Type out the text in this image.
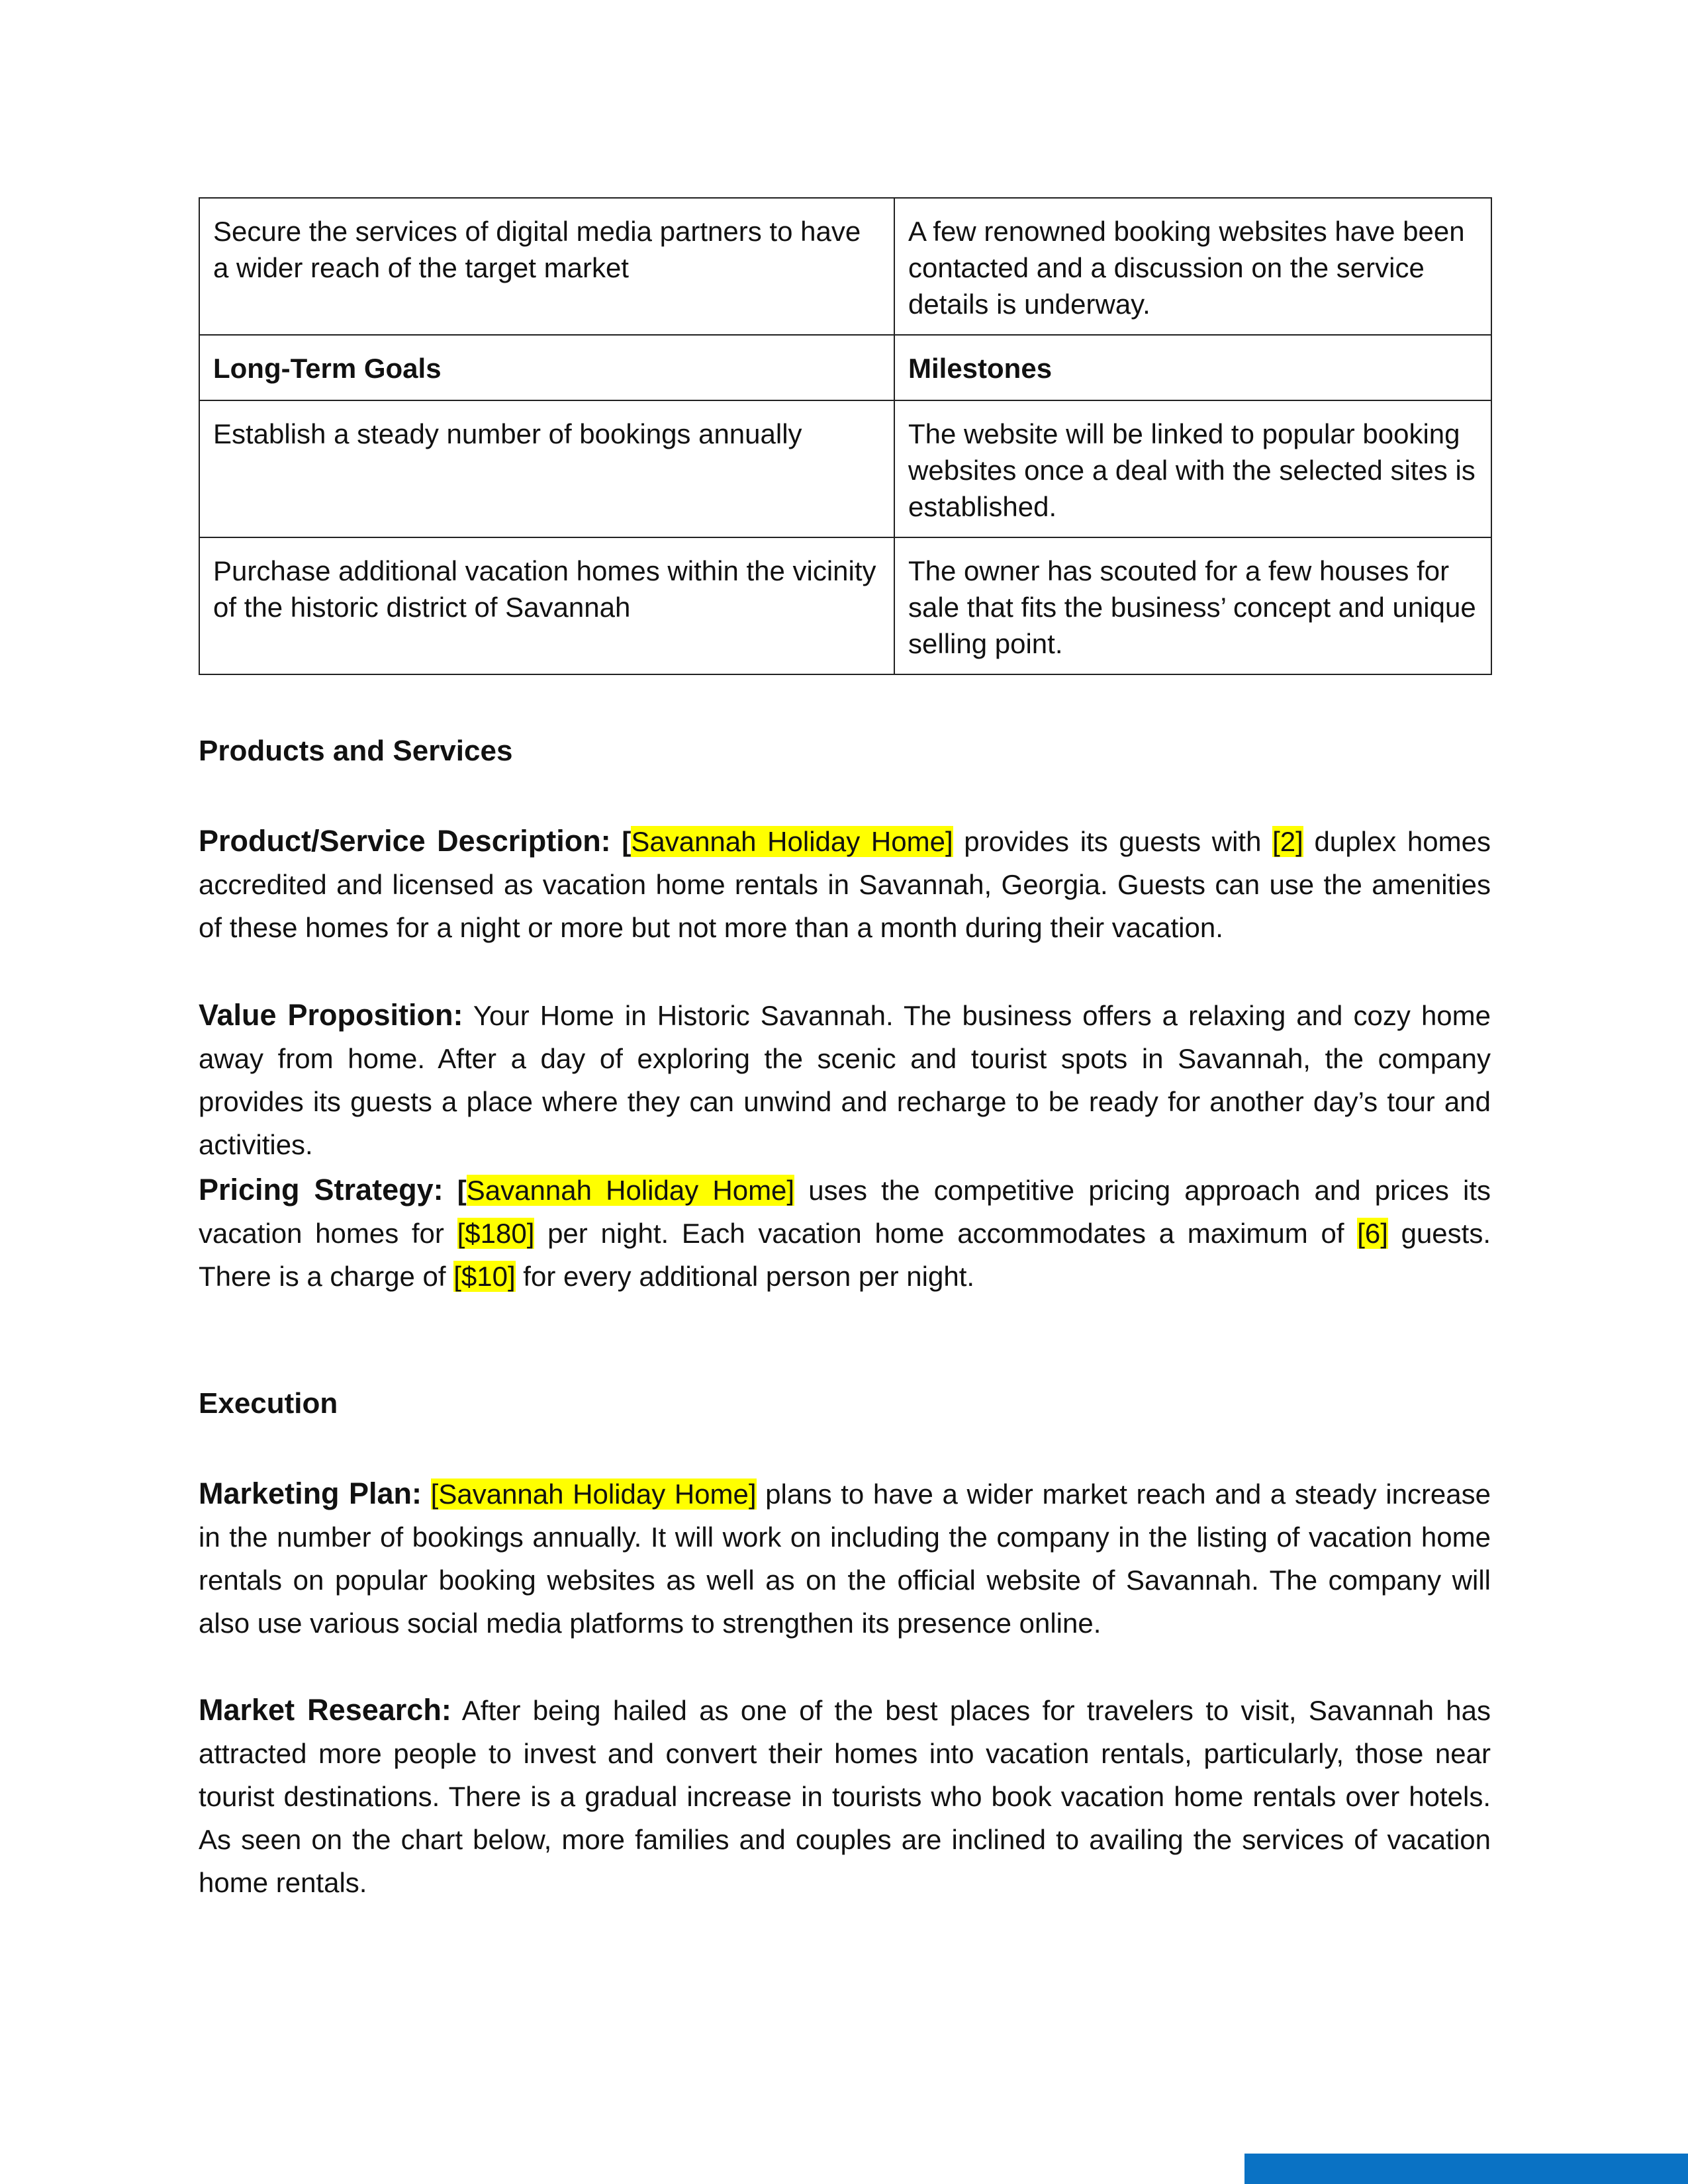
Secure the services of digital media partners to have a wider reach of the target market	A few renowned booking websites have been contacted and a discussion on the service details is underway.
Long-Term Goals	Milestones
Establish a steady number of bookings annually	The website will be linked to popular booking websites once a deal with the selected sites is established.
Purchase additional vacation homes within the vicinity of the historic district of Savannah	The owner has scouted for a few houses for sale that fits the business’ concept and unique selling point.
Products and Services

Product/Service Description: [Savannah Holiday Home] provides its guests with [2] duplex homes accredited and licensed as vacation home rentals in Savannah, Georgia. Guests can use the amenities of these homes for a night or more but not more than a month during their vacation.

Value Proposition: Your Home in Historic Savannah. The business offers a relaxing and cozy home away from home. After a day of exploring the scenic and tourist spots in Savannah, the company provides its guests a place where they can unwind and recharge to be ready for another day’s tour and activities.

Pricing Strategy: [Savannah Holiday Home] uses the competitive pricing approach and prices its vacation homes for [$180] per night. Each vacation home accommodates a maximum of [6] guests. There is a charge of [$10] for every additional person per night.

Execution

Marketing Plan: [Savannah Holiday Home] plans to have a wider market reach and a steady increase in the number of bookings annually. It will work on including the company in the listing of vacation home rentals on popular booking websites as well as on the official website of Savannah. The company will also use various social media platforms to strengthen its presence online.

Market Research: After being hailed as one of the best places for travelers to visit, Savannah has attracted more people to invest and convert their homes into vacation rentals, particularly, those near tourist destinations. There is a gradual increase in tourists who book vacation home rentals over hotels. As seen on the chart below, more families and couples are inclined to availing the services of vacation home rentals.
